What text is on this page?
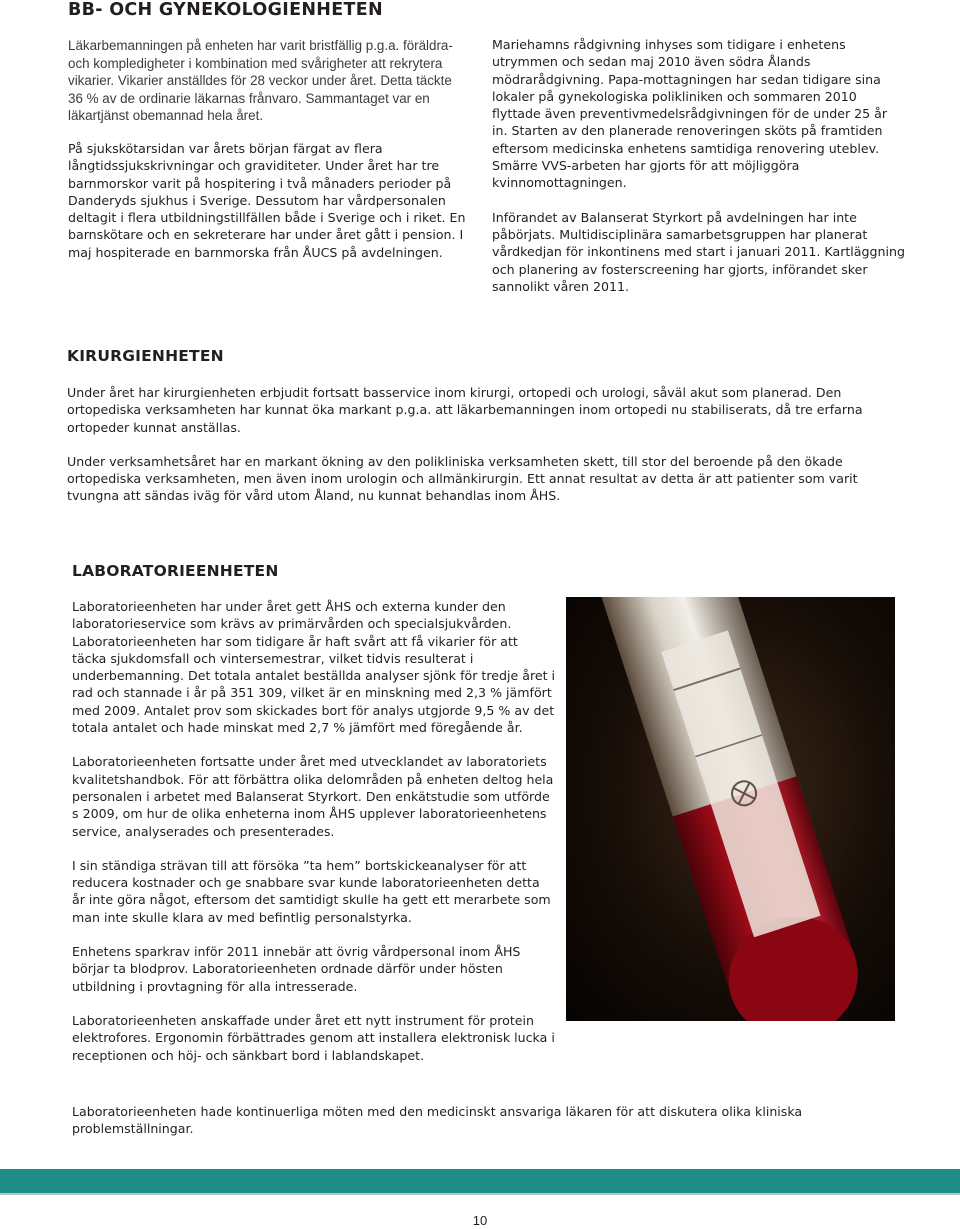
BB- OCH GYNEKOLOGIENHETEN

Läkarbemanningen på enheten har varit bristfällig p.g.a. föräldra- och kompledigheter i kombination med svårigheter att rekrytera vikarier. Vikarier anställdes för 28 veckor under året. Detta täckte 36 % av de ordinarie läkarnas frånvaro. Sammantaget var en läkartjänst obemannad hela året.

På sjukskötarsidan var årets början färgat av flera långtidssjukskrivningar och graviditeter. Under året har tre barnmorskor varit på hospitering i två månaders perioder på Danderyds sjukhus i Sverige. Dessutom har vårdpersonalen deltagit i flera utbildningstillfällen både i Sverige och i riket. En barnskötare och en sekreterare har under året gått i pension. I maj hospiterade en barnmorska från ÅUCS på avdelningen.

Mariehamns rådgivning inhyses som tidigare i enhetens utrymmen och sedan maj 2010 även södra Ålands mödrarådgivning. Papa-mottagningen har sedan tidigare sina lokaler på gynekologiska polikliniken och sommaren 2010 flyttade även preventivmedelsrådgivningen för de under 25 år in. Starten av den planerade renoveringen sköts på framtiden eftersom medicinska enhetens samtidiga renovering uteblev. Smärre VVS-arbeten har gjorts för att möjliggöra kvinnomottagningen.

Införandet av Balanserat Styrkort på avdelningen har inte påbörjats. Multidisciplinära samarbetsgruppen har planerat vårdkedjan för inkontinens med start i januari 2011. Kartläggning och planering av fosterscreening har gjorts, införandet sker sannolikt våren 2011.

KIRURGIENHETEN

Under året har kirurgienheten erbjudit fortsatt basservice inom kirurgi, ortopedi och urologi, såväl akut som planerad. Den ortopediska verksamheten har kunnat öka markant p.g.a. att läkarbemanningen inom ortopedi nu stabiliserats, då tre erfarna ortopeder kunnat anställas.

Under verksamhetsåret har en markant ökning av den polikliniska verksamheten skett, till stor del beroende på den ökade ortopediska verksamheten, men även inom urologin och allmänkirurgin. Ett annat resultat av detta är att patienter som varit tvungna att sändas iväg för vård utom Åland, nu kunnat behandlas inom ÅHS.

LABORATORIEENHETEN

Laboratorieenheten har under året gett ÅHS och externa kunder den laboratorieservice som krävs av primärvården och specialsjukvården. Laboratorieenheten har som tidigare år haft svårt att få vikarier för att täcka sjukdomsfall och vintersemestrar, vilket tidvis resulterat i underbemanning. Det totala antalet beställda analyser sjönk för tredje året i rad och stannade i år på 351 309, vilket är en minskning med 2,3 % jämfört med 2009. Antalet prov som skickades bort för analys utgjorde 9,5 % av det totala antalet och hade minskat med 2,7 % jämfört med föregående år.

Laboratorieenheten fortsatte under året med utvecklandet av laboratoriets kvalitetshandbok. För att förbättra olika delområden på enheten deltog hela personalen i arbetet med Balanserat Styrkort. Den enkätstudie som utförde s 2009, om hur de olika enheterna inom ÅHS upplever laboratorieenhetens service, analyserades och presenterades.

I sin ständiga strävan till att försöka ”ta hem” bortskickeanalyser för att reducera kostnader och ge snabbare svar kunde laboratorieenheten detta år inte göra något, eftersom det samtidigt skulle ha gett ett merarbete som man inte skulle klara av med befintlig personalstyrka.

Enhetens sparkrav inför 2011 innebär att övrig vårdpersonal inom ÅHS börjar ta blodprov. Laboratorieenheten ordnade därför under hösten utbildning i provtagning för alla intresserade.

Laboratorieenheten anskaffade under året ett nytt instrument för protein elektrofores. Ergonomin förbättrades genom att installera elektronisk lucka i receptionen och höj- och sänkbart bord i lablandskapet.

Laboratorieenheten hade kontinuerliga möten med den medicinskt ansvariga läkaren för att diskutera olika kliniska problemställningar.

10
